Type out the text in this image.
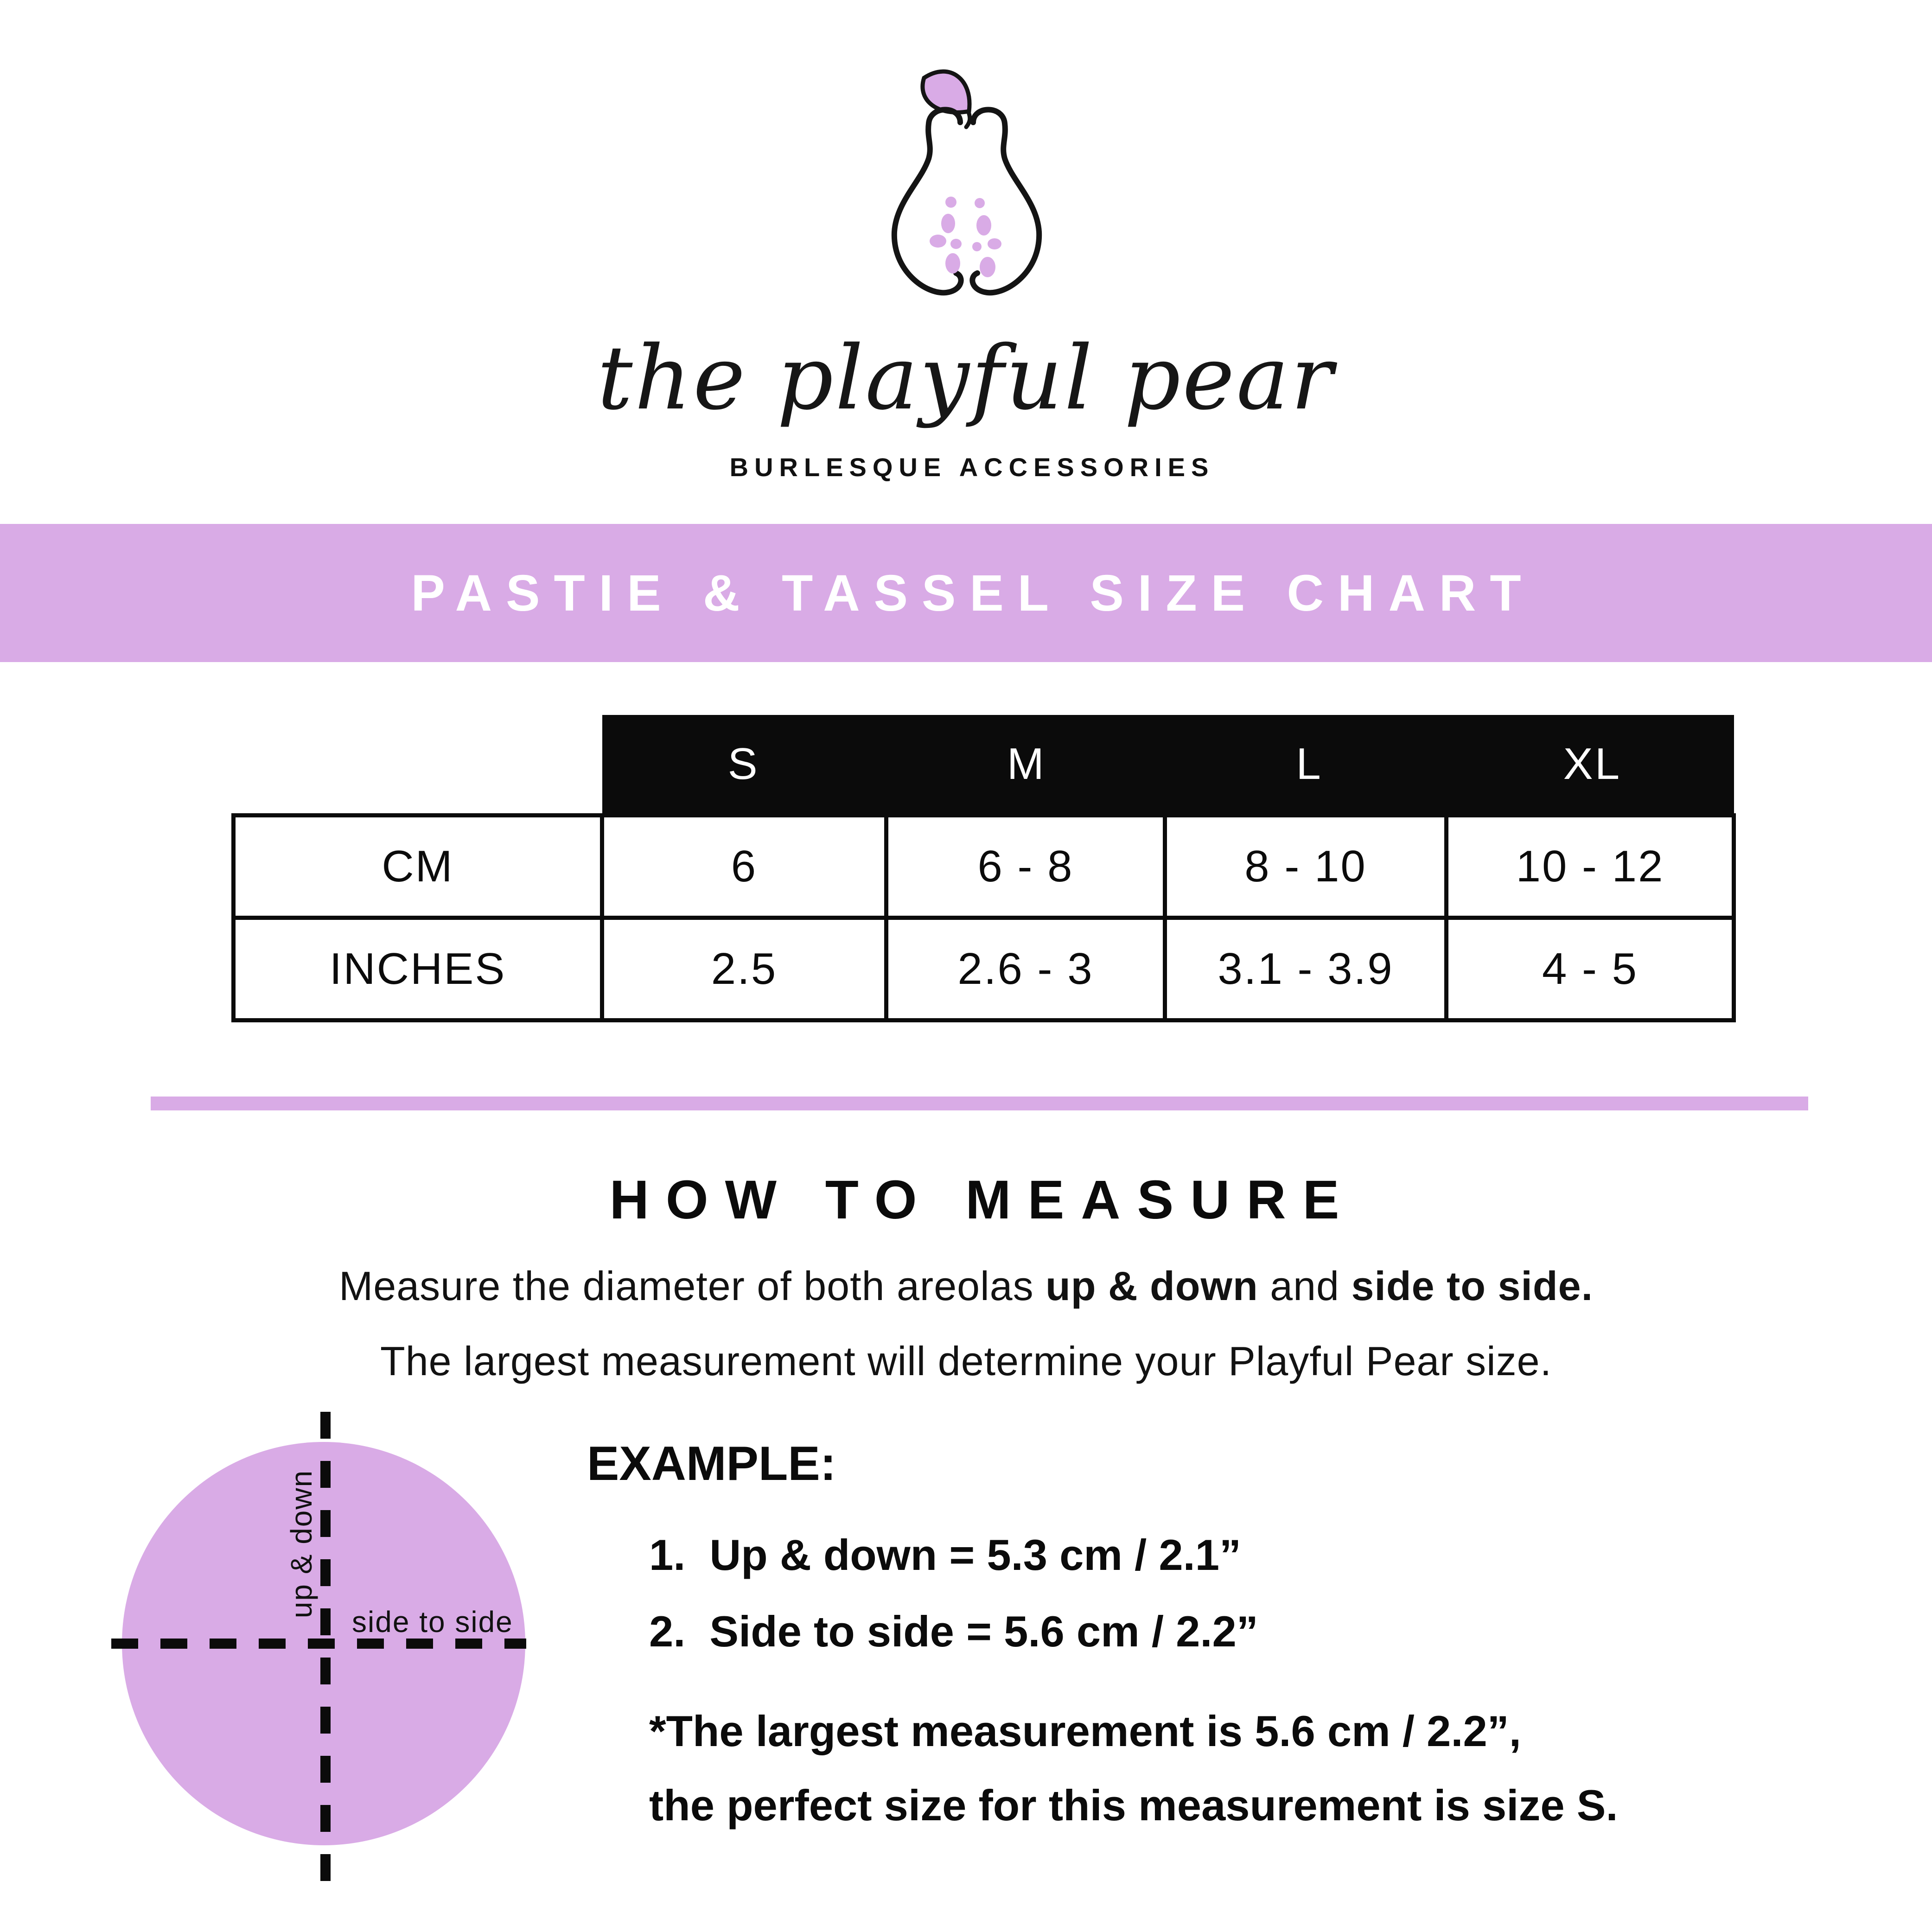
the playful pear
BURLESQUE ACCESSORIES
PASTIE & TASSEL SIZE CHART

	S M L XL			

CM	6	6 - 8	8 - 10	10 - 12
INCHES	2.5	2.6 - 3	3.1 - 3.9	4 - 5
HOW TO MEASURE
Measure the diameter of both areolas up & down and side to side.
The largest measurement will determine your Playful Pear size.
up & down
side to side
EXAMPLE:
1. Up & down = 5.3 cm / 2.1”
2. Side to side = 5.6 cm / 2.2”
*The largest measurement is 5.6 cm / 2.2”,
the perfect size for this measurement is size S.
